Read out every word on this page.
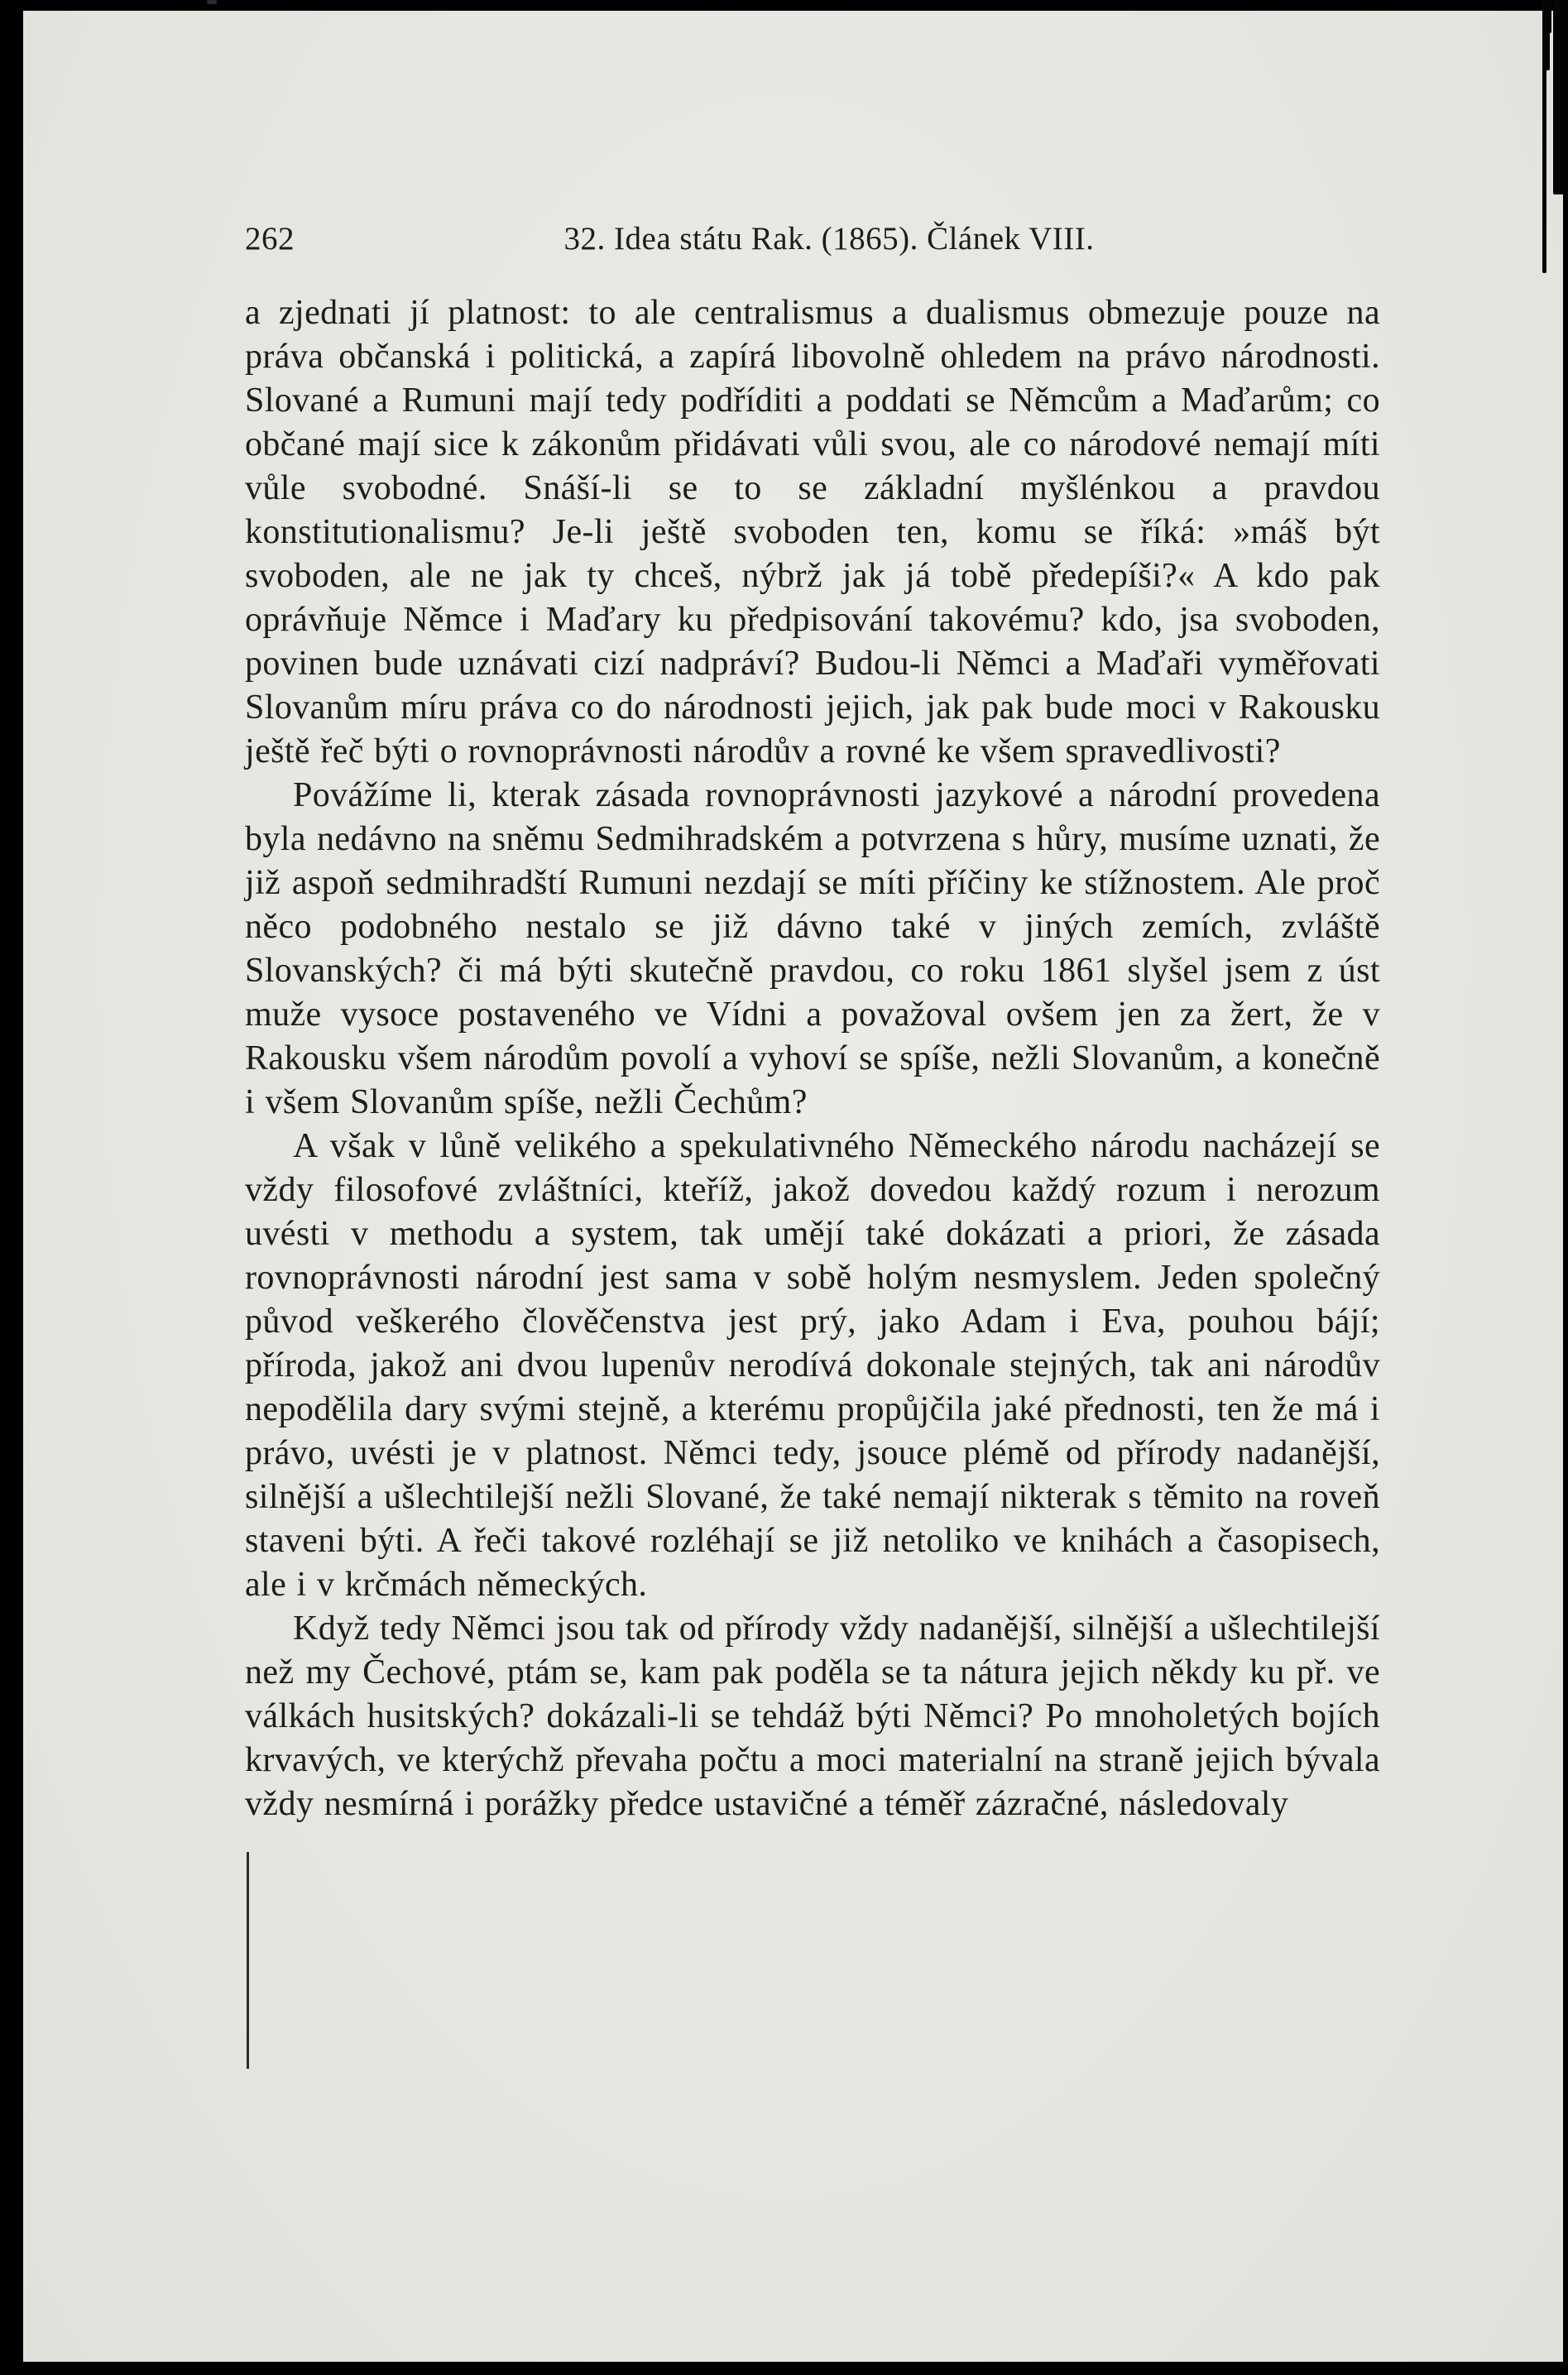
262	32. Idea státu Rak. (1865). Článek VIII.

a zjednati jí platnost: to ale centralismus a dualismus obmezuje pouze na práva občanská i politická, a zapírá libovolně ohledem na právo národnosti. Slované a Rumuni mají tedy podříditi a poddati se Němcům a Maďarům; co občané mají sice k zákonům přidávati vůli svou, ale co národové nemají míti vůle svobodné. Snáší-li se to se základní myšlénkou a pravdou konstitutionalismu? Je-li ještě svoboden ten, komu se říká: »máš být svoboden, ale ne jak ty chceš, nýbrž jak já tobě předepíši?« A kdo pak oprávňuje Němce i Maďary ku předpisování takovému? kdo, jsa svoboden, povinen bude uznávati cizí nadpráví? Budou-li Němci a Maďaři vyměřovati Slovanům míru práva co do národnosti jejich, jak pak bude moci v Rakousku ještě řeč býti o rovnoprávnosti národův a rovné ke všem spravedlivosti?

Povážíme li, kterak zásada rovnoprávnosti jazykové a národní provedena byla nedávno na sněmu Sedmihradském a potvrzena s hůry, musíme uznati, že již aspoň sedmihradští Rumuni nezdají se míti příčiny ke stížnostem. Ale proč něco podobného nestalo se již dávno také v jiných zemích, zvláště Slovanských? či má býti skutečně pravdou, co roku 1861 slyšel jsem z úst muže vysoce postaveného ve Vídni a považoval ovšem jen za žert, že v Rakousku všem národům povolí a vyhoví se spíše, nežli Slovanům, a konečně i všem Slovanům spíše, nežli Čechům?

A však v lůně velikého a spekulativného Německého národu nacházejí se vždy filosofové zvláštníci, kteříž, jakož dovedou každý rozum i nerozum uvésti v methodu a system, tak umějí také dokázati a priori, že zásada rovnoprávnosti národní jest sama v sobě holým nesmyslem. Jeden společný původ veškerého člověčenstva jest prý, jako Adam i Eva, pouhou bájí; příroda, jakož ani dvou lupenův nerodívá dokonale stejných, tak ani národův nepodělila dary svými stejně, a kterému propůjčila jaké přednosti, ten že má i právo, uvésti je v platnost. Němci tedy, jsouce plémě od přírody nadanější, silnější a ušlechtilejší nežli Slované, že také nemají nikterak s těmito na roveň staveni býti. A řeči takové rozléhají se již netoliko ve knihách a časopisech, ale i v krčmách německých.

Když tedy Němci jsou tak od přírody vždy nadanější, silnější a ušlechtilejší než my Čechové, ptám se, kam pak poděla se ta nátura jejich někdy ku př. ve válkách husitských? dokázali-li se tehdáž býti Němci? Po mnoholetých bojích krvavých, ve kterýchž převaha počtu a moci materialní na straně jejich bývala vždy nesmírná i porážky předce ustavičné a téměř zázračné, následovaly
